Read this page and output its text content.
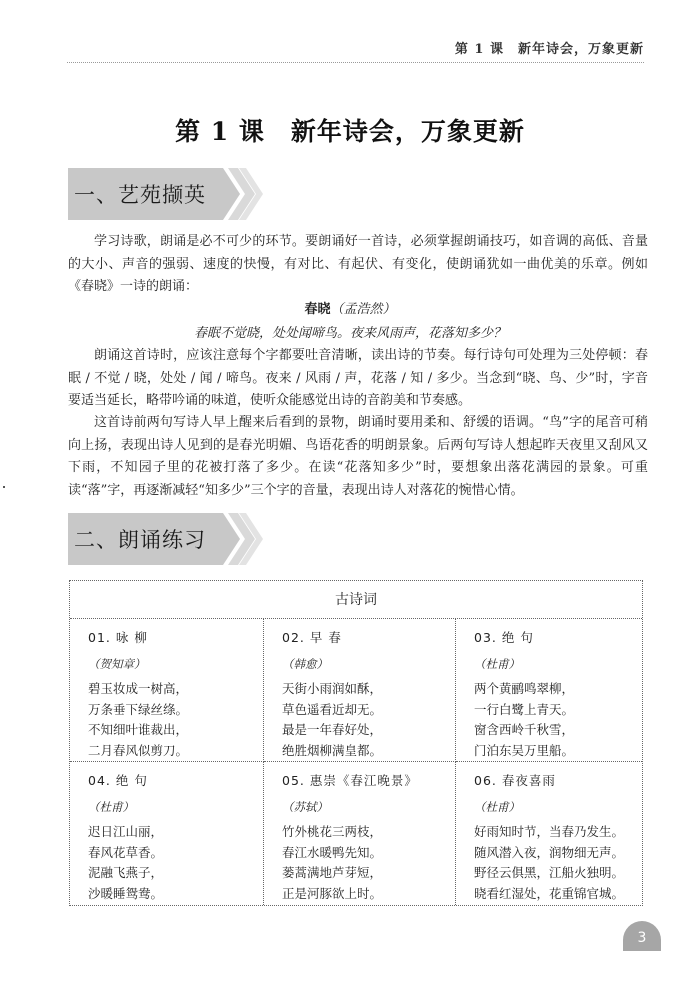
第 1 课　新年诗会，万象更新
第 1 课　新年诗会，万象更新
一、艺苑撷英

学习诗歌，朗诵是必不可少的环节。要朗诵好一首诗，必须掌握朗诵技巧，如音调的高低、音量的大小、声音的强弱、速度的快慢，有对比、有起伏、有变化，使朗诵犹如一曲优美的乐章。例如《春晓》一诗的朗诵：

春晓（孟浩然）
春眠不觉晓，处处闻啼鸟。夜来风雨声，花落知多少？

朗诵这首诗时，应该注意每个字都要吐音清晰，读出诗的节奏。每行诗句可处理为三处停顿：春眠 / 不觉 / 晓，处处 / 闻 / 啼鸟。夜来 / 风雨 / 声，花落 / 知 / 多少。当念到“晓、鸟、少”时，字音要适当延长，略带吟诵的味道，使听众能感觉出诗的音韵美和节奏感。

这首诗前两句写诗人早上醒来后看到的景物，朗诵时要用柔和、舒缓的语调。“鸟”字的尾音可稍向上扬，表现出诗人见到的是春光明媚、鸟语花香的明朗景象。后两句写诗人想起昨天夜里又刮风又下雨，不知园子里的花被打落了多少。在读“花落知多少”时，要想象出落花满园的景象。可重读“落”字，再逐渐减轻“知多少”三个字的音量，表现出诗人对落花的惋惜心情。

二、朗诵练习
古诗词
01. 咏 柳
（贺知章）
碧玉妆成一树高，
万条垂下绿丝绦。
不知细叶谁裁出，
二月春风似剪刀。
02. 早 春
（韩愈）
天街小雨润如酥，
草色遥看近却无。
最是一年春好处，
绝胜烟柳满皇都。
03. 绝 句
（杜甫）
两个黄鹂鸣翠柳，
一行白鹭上青天。
窗含西岭千秋雪，
门泊东吴万里船。
04. 绝 句
（杜甫）
迟日江山丽，
春风花草香。
泥融飞燕子，
沙暖睡鸳鸯。
05. 惠崇《春江晚景》
（苏轼）
竹外桃花三两枝，
春江水暖鸭先知。
蒌蒿满地芦芽短，
正是河豚欲上时。
06. 春夜喜雨
（杜甫）
好雨知时节，当春乃发生。
随风潜入夜，润物细无声。
野径云俱黑，江船火独明。
晓看红湿处，花重锦官城。
3
